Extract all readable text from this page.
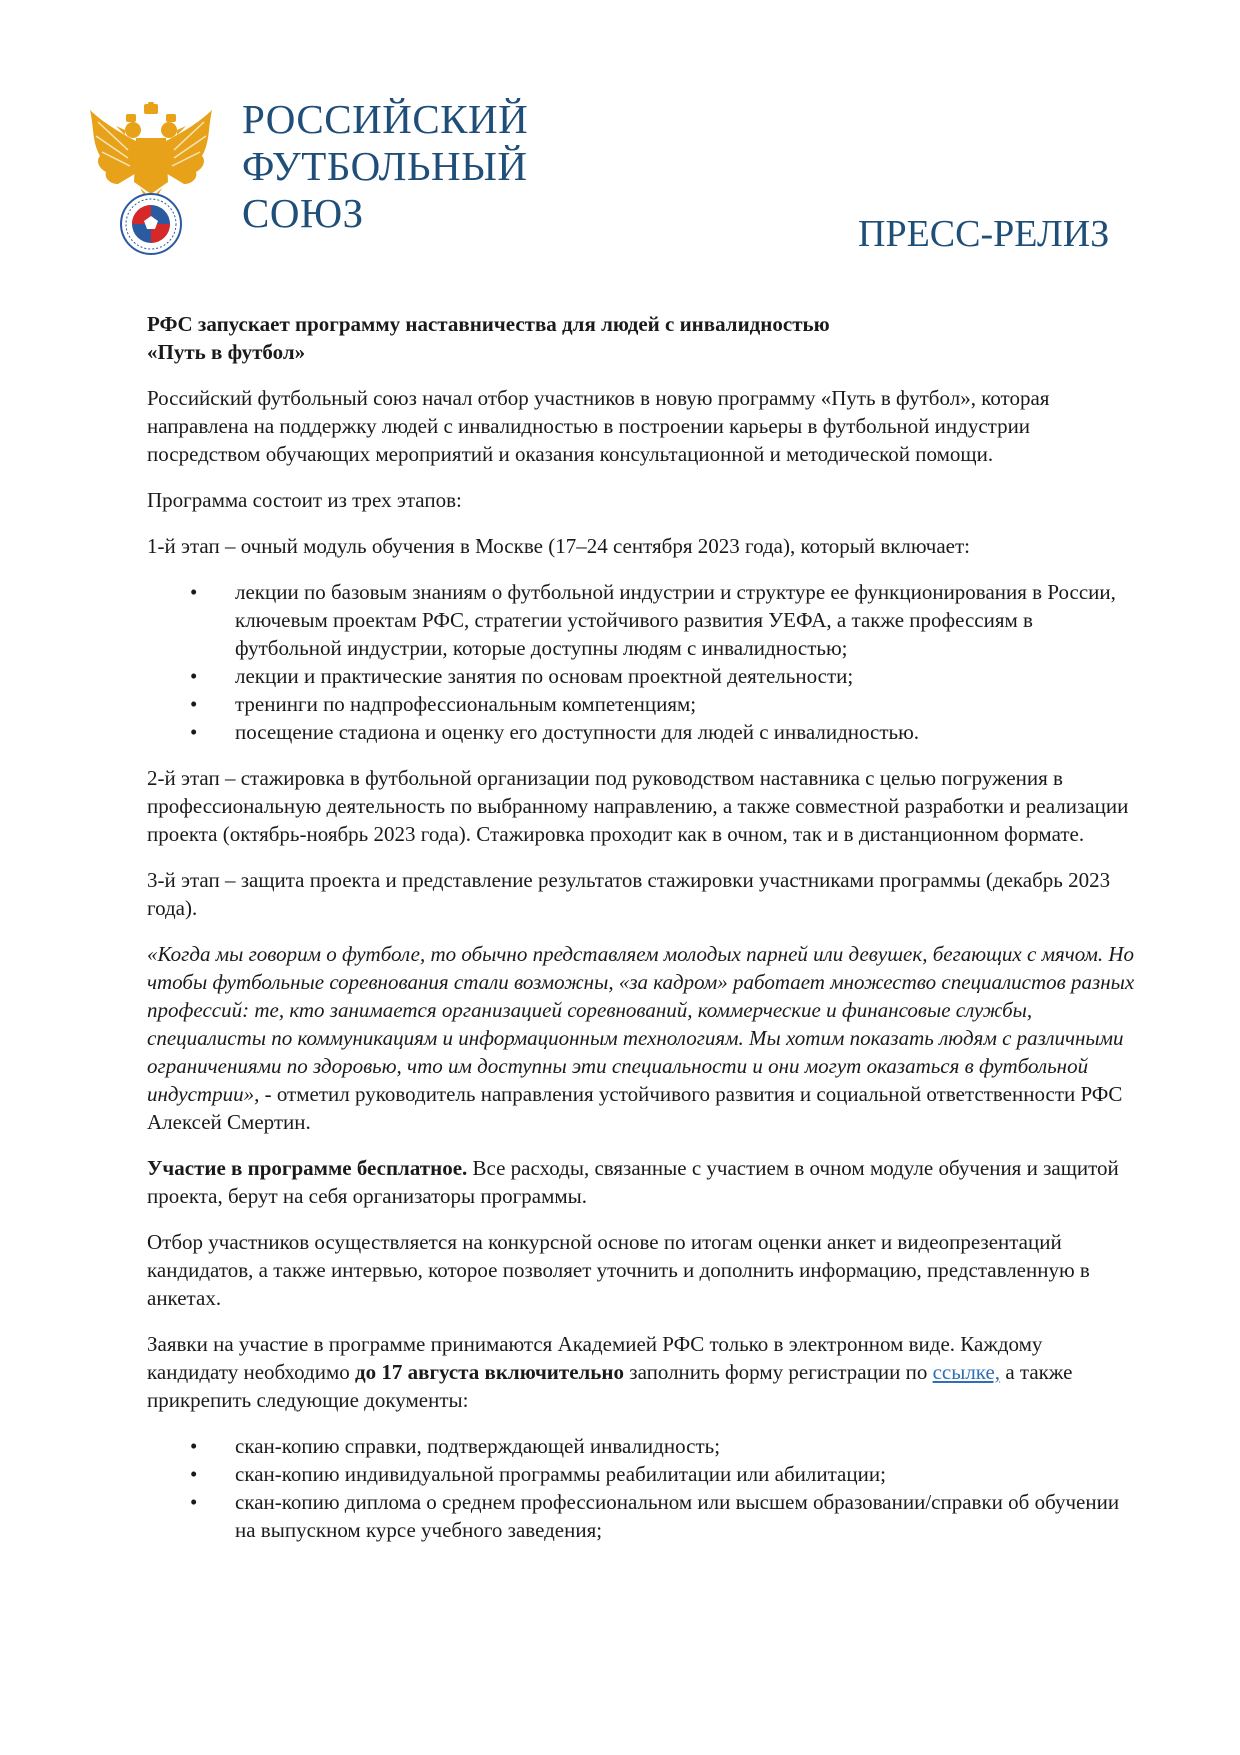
РОССИЙСКИЙ
ФУТБОЛЬНЫЙ
СОЮЗ	ПРЕСС-РЕЛИЗ
РФС запускает программу наставничества для людей с инвалидностью
«Путь в футбол»

Российский футбольный союз начал отбор участников в новую программу «Путь в футбол», которая направлена на поддержку людей с инвалидностью в построении карьеры в футбольной индустрии посредством обучающих мероприятий и оказания консультационной и методической помощи.

Программа состоит из трех этапов:

1-й этап – очный модуль обучения в Москве (17–24 сентября 2023 года), который включает:

• лекции по базовым знаниям о футбольной индустрии и структуре ее функционирования в России, ключевым проектам РФС, стратегии устойчивого развития УЕФА, а также профессиям в футбольной индустрии, которые доступны людям с инвалидностью;
• лекции и практические занятия по основам проектной деятельности;
• тренинги по надпрофессиональным компетенциям;
• посещение стадиона и оценку его доступности для людей с инвалидностью.

2-й этап – стажировка в футбольной организации под руководством наставника с целью погружения в профессиональную деятельность по выбранному направлению, а также совместной разработки и реализации проекта (октябрь-ноябрь 2023 года). Стажировка проходит как в очном, так и в дистанционном формате.

3-й этап – защита проекта и представление результатов стажировки участниками программы (декабрь 2023 года).

«Когда мы говорим о футболе, то обычно представляем молодых парней или девушек, бегающих с мячом. Но чтобы футбольные соревнования стали возможны, «за кадром» работает множество специалистов разных профессий: те, кто занимается организацией соревнований, коммерческие и финансовые службы, специалисты по коммуникациям и информационным технологиям. Мы хотим показать людям с различными ограничениями по здоровью, что им доступны эти специальности и они могут оказаться в футбольной индустрии», - отметил руководитель направления устойчивого развития и социальной ответственности РФС Алексей Смертин.

Участие в программе бесплатное. Все расходы, связанные с участием в очном модуле обучения и защитой проекта, берут на себя организаторы программы.

Отбор участников осуществляется на конкурсной основе по итогам оценки анкет и видеопрезентаций кандидатов, а также интервью, которое позволяет уточнить и дополнить информацию, представленную в анкетах.

Заявки на участие в программе принимаются Академией РФС только в электронном виде. Каждому кандидату необходимо до 17 августа включительно заполнить форму регистрации по ссылке, а также прикрепить следующие документы:

• скан-копию справки, подтверждающей инвалидность;
• скан-копию индивидуальной программы реабилитации или абилитации;
• скан-копию диплома о среднем профессиональном или высшем образовании/справки об обучении на выпускном курсе учебного заведения;
